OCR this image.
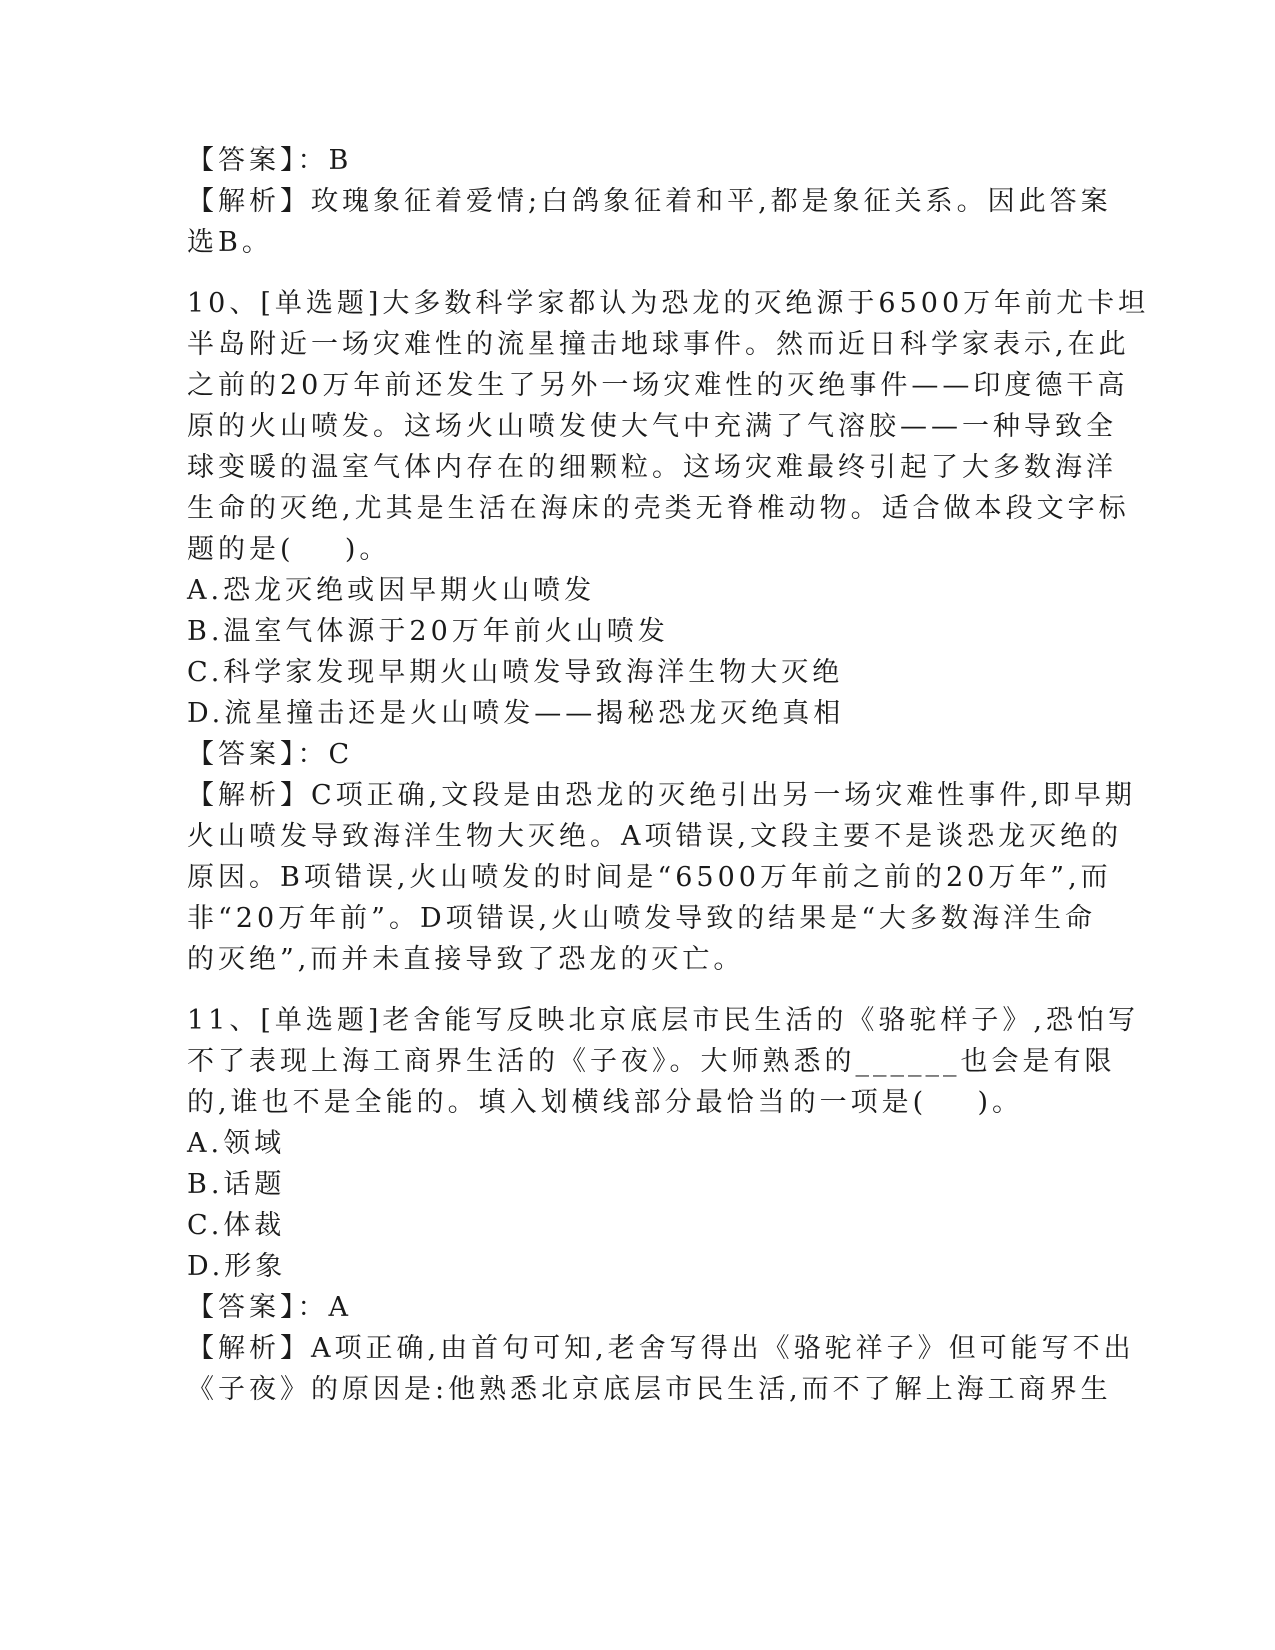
【答案】：B

【解析】玫瑰象征着爱情;白鸽象征着和平,都是象征关系。因此答案

选B。

10、[单选题]大多数科学家都认为恐龙的灭绝源于6500万年前尤卡坦

半岛附近一场灾难性的流星撞击地球事件。然而近日科学家表示,在此

之前的20万年前还发生了另外一场灾难性的灭绝事件——印度德干高

原的火山喷发。这场火山喷发使大气中充满了气溶胶——一种导致全

球变暖的温室气体内存在的细颗粒。这场灾难最终引起了大多数海洋

生命的灭绝,尤其是生活在海床的壳类无脊椎动物。适合做本段文字标

题的是(    )。

A.恐龙灭绝或因早期火山喷发

B.温室气体源于20万年前火山喷发

C.科学家发现早期火山喷发导致海洋生物大灭绝

D.流星撞击还是火山喷发——揭秘恐龙灭绝真相

【答案】：C

【解析】C项正确,文段是由恐龙的灭绝引出另一场灾难性事件,即早期

火山喷发导致海洋生物大灭绝。A项错误,文段主要不是谈恐龙灭绝的

原因。B项错误,火山喷发的时间是“6500万年前之前的20万年”,而

非“20万年前”。D项错误,火山喷发导致的结果是“大多数海洋生命

的灭绝”,而并未直接导致了恐龙的灭亡。

11、[单选题]老舍能写反映北京底层市民生活的《骆驼样子》,恐怕写

不了表现上海工商界生活的《子夜》。大师熟悉的______也会是有限

的,谁也不是全能的。填入划横线部分最恰当的一项是(    )。

A.领域

B.话题

C.体裁

D.形象

【答案】：A

【解析】A项正确,由首句可知,老舍写得出《骆驼祥子》但可能写不出

《子夜》的原因是:他熟悉北京底层市民生活,而不了解上海工商界生
